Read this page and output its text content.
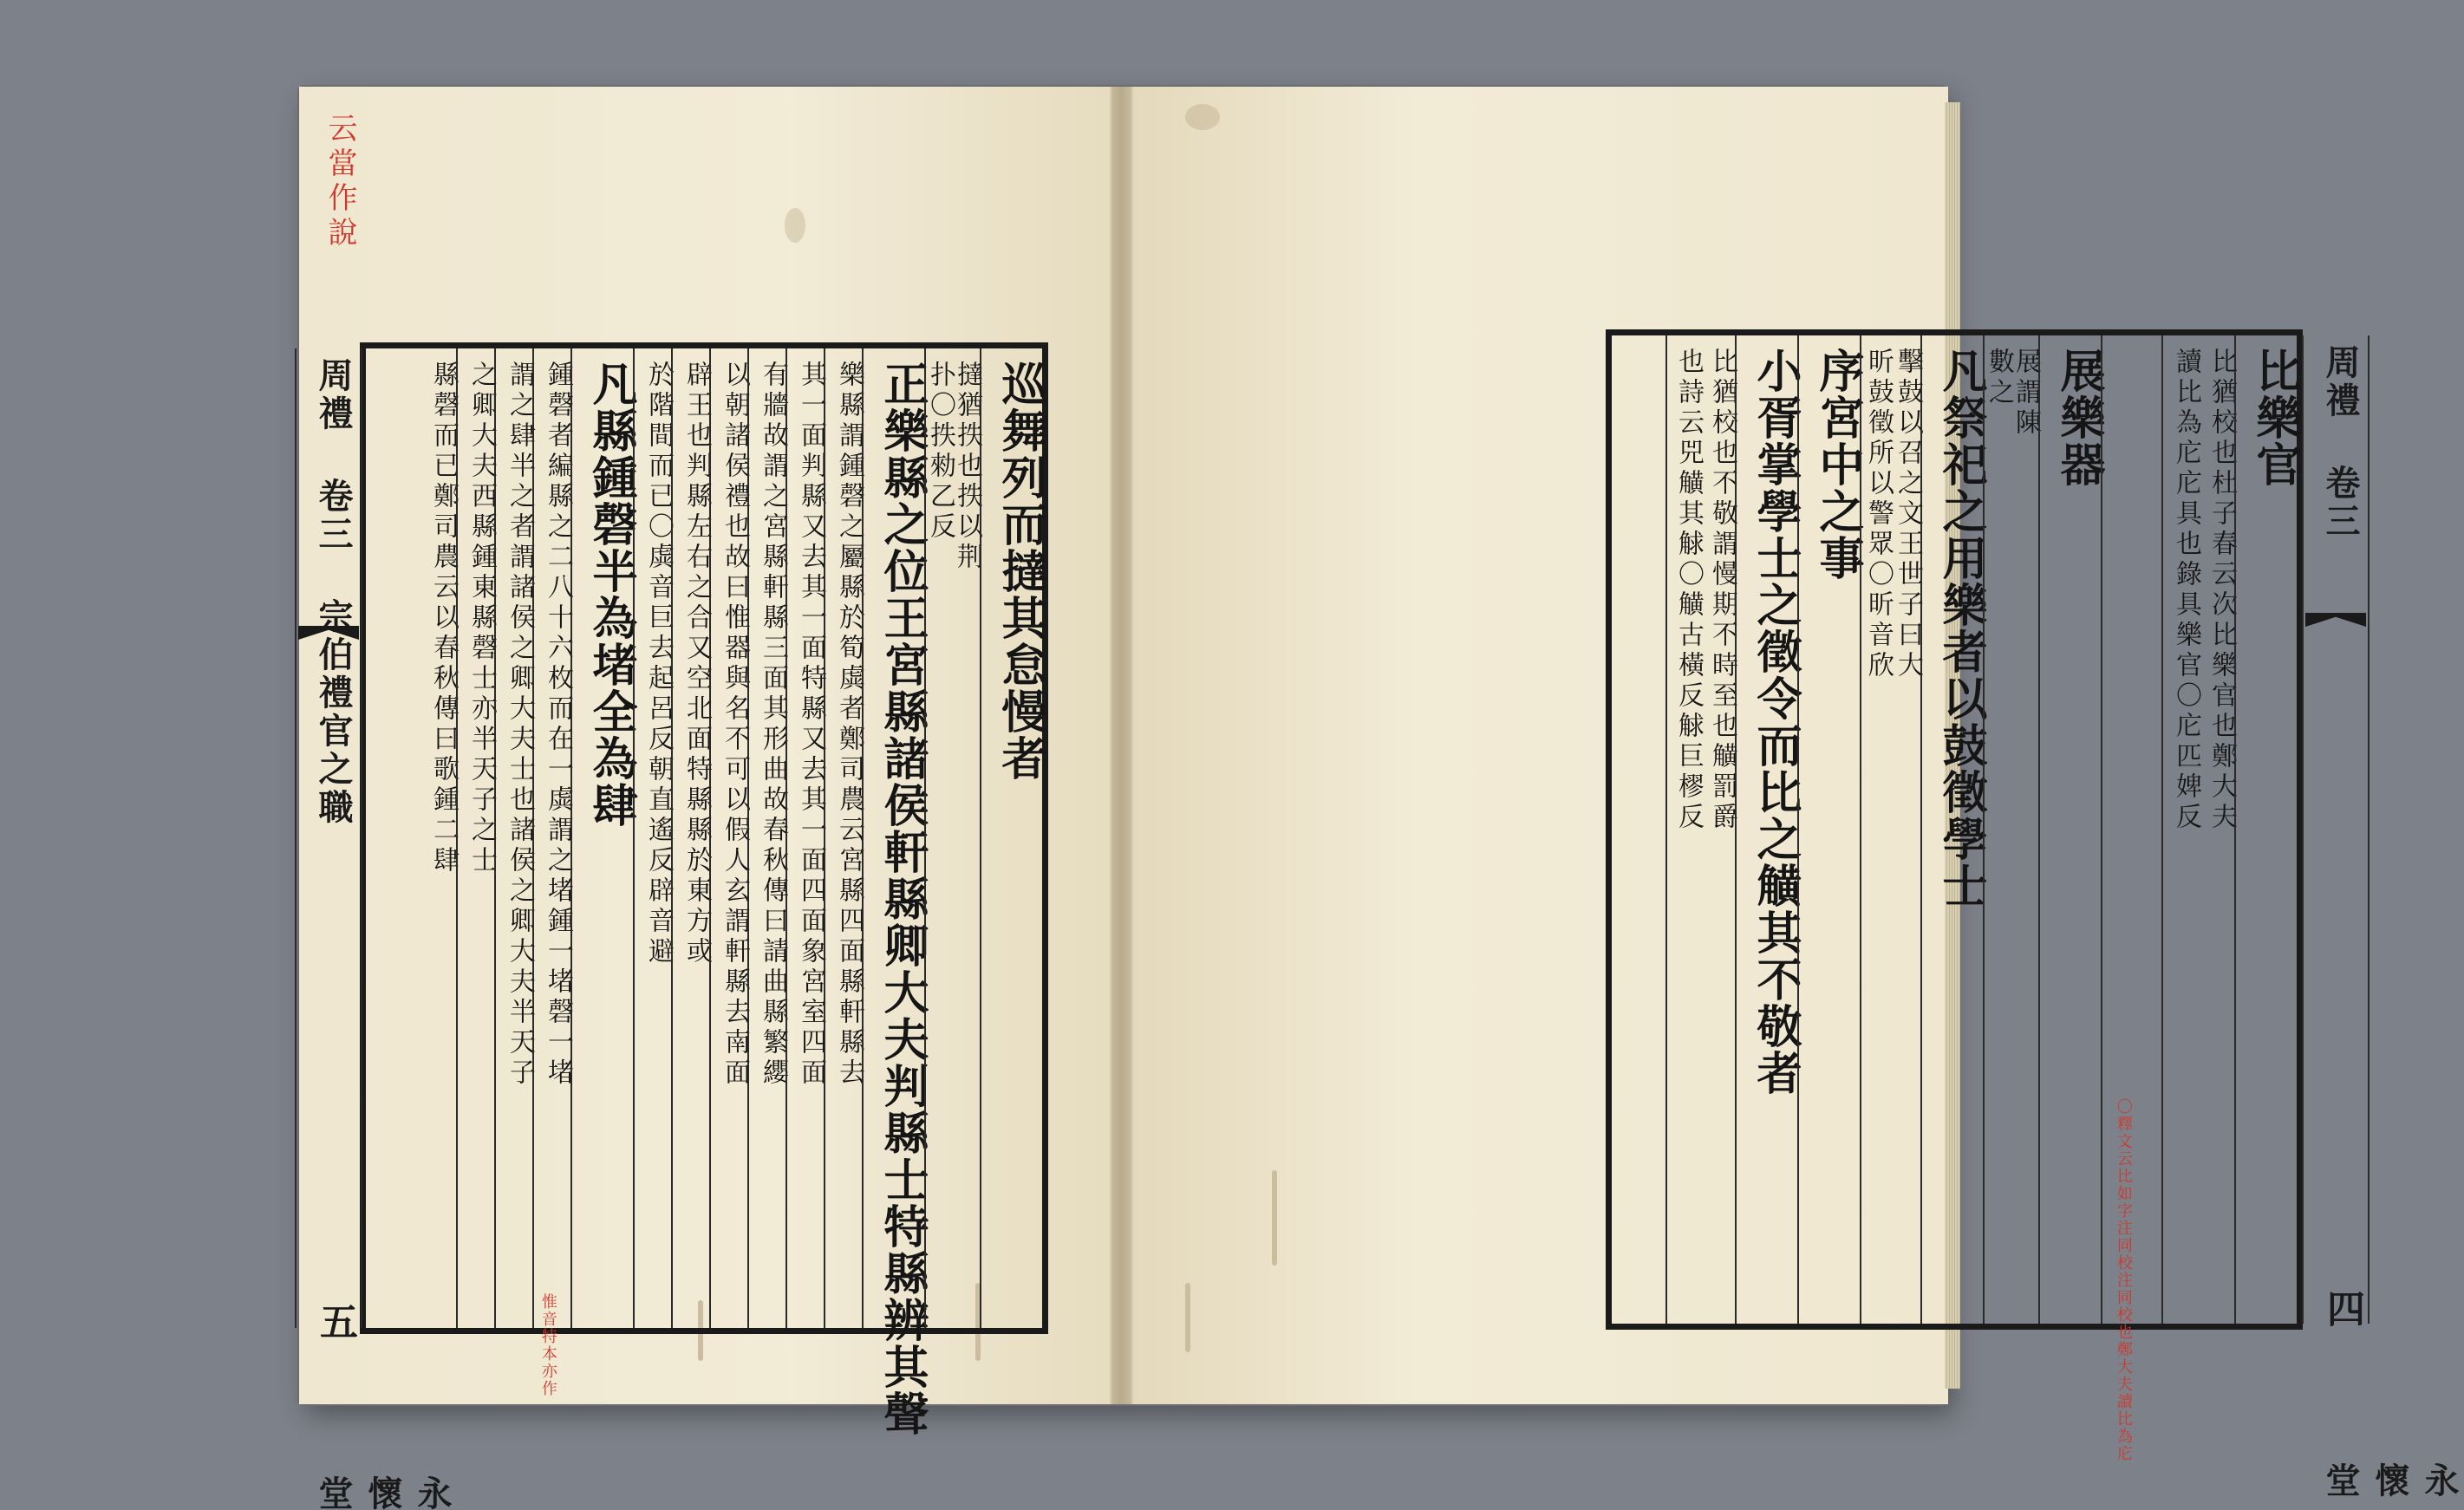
云當作說
周禮 卷三 宗伯禮官之職
五
永懷堂
巡舞列而撻其怠慢者
撻猶抶也抶以荆
扑〇抶勑乙反
正樂縣之位王宮縣諸侯軒縣卿大夫判縣士特縣辨其聲
樂縣謂鍾磬之屬縣於筍虡者鄭司農云宮縣四面縣軒縣去
其一面判縣又去其一面特縣又去其一面四面象宮室四面
有牆故謂之宮縣軒縣三面其形曲故春秋傳曰請曲縣繁纓
以朝諸侯禮也故曰惟器與名不可以假人玄謂軒縣去南面
辟王也判縣左右之合又空北面特縣縣於東方或
於階間而已〇虡音巨去起呂反朝直遙反辟音避
凡縣鍾磬半為堵全為肆
鍾磬者編縣之二八十六枚而在一虡謂之堵鍾一堵磬一堵
謂之肆半之者謂諸侯之卿大夫士也諸侯之卿大夫半天子
之卿大夫西縣鍾東縣磬士亦半天子之士
縣磬而已鄭司農云以春秋傳曰歌鍾二肆
惟音特本亦作
周禮 卷三
四
永懷堂
比樂官
比猶校也杜子春云次比樂官也鄭大夫
讀比為庀庀具也錄具樂官〇庀匹婢反
〇釋文云比如字注同校注同校也鄭大夫讀比為庀
展樂器
展謂陳
數之
凡祭祀之用樂者以鼓徵學士
擊鼓以召之文王世子曰大
昕鼓徵所以警眾〇昕音欣
序宮中之事
小胥掌學士之徵令而比之觵其不敬者
比猶校也不敬謂慢期不時至也觵罰爵
也詩云兕觵其觩〇觵古橫反觩巨樛反
